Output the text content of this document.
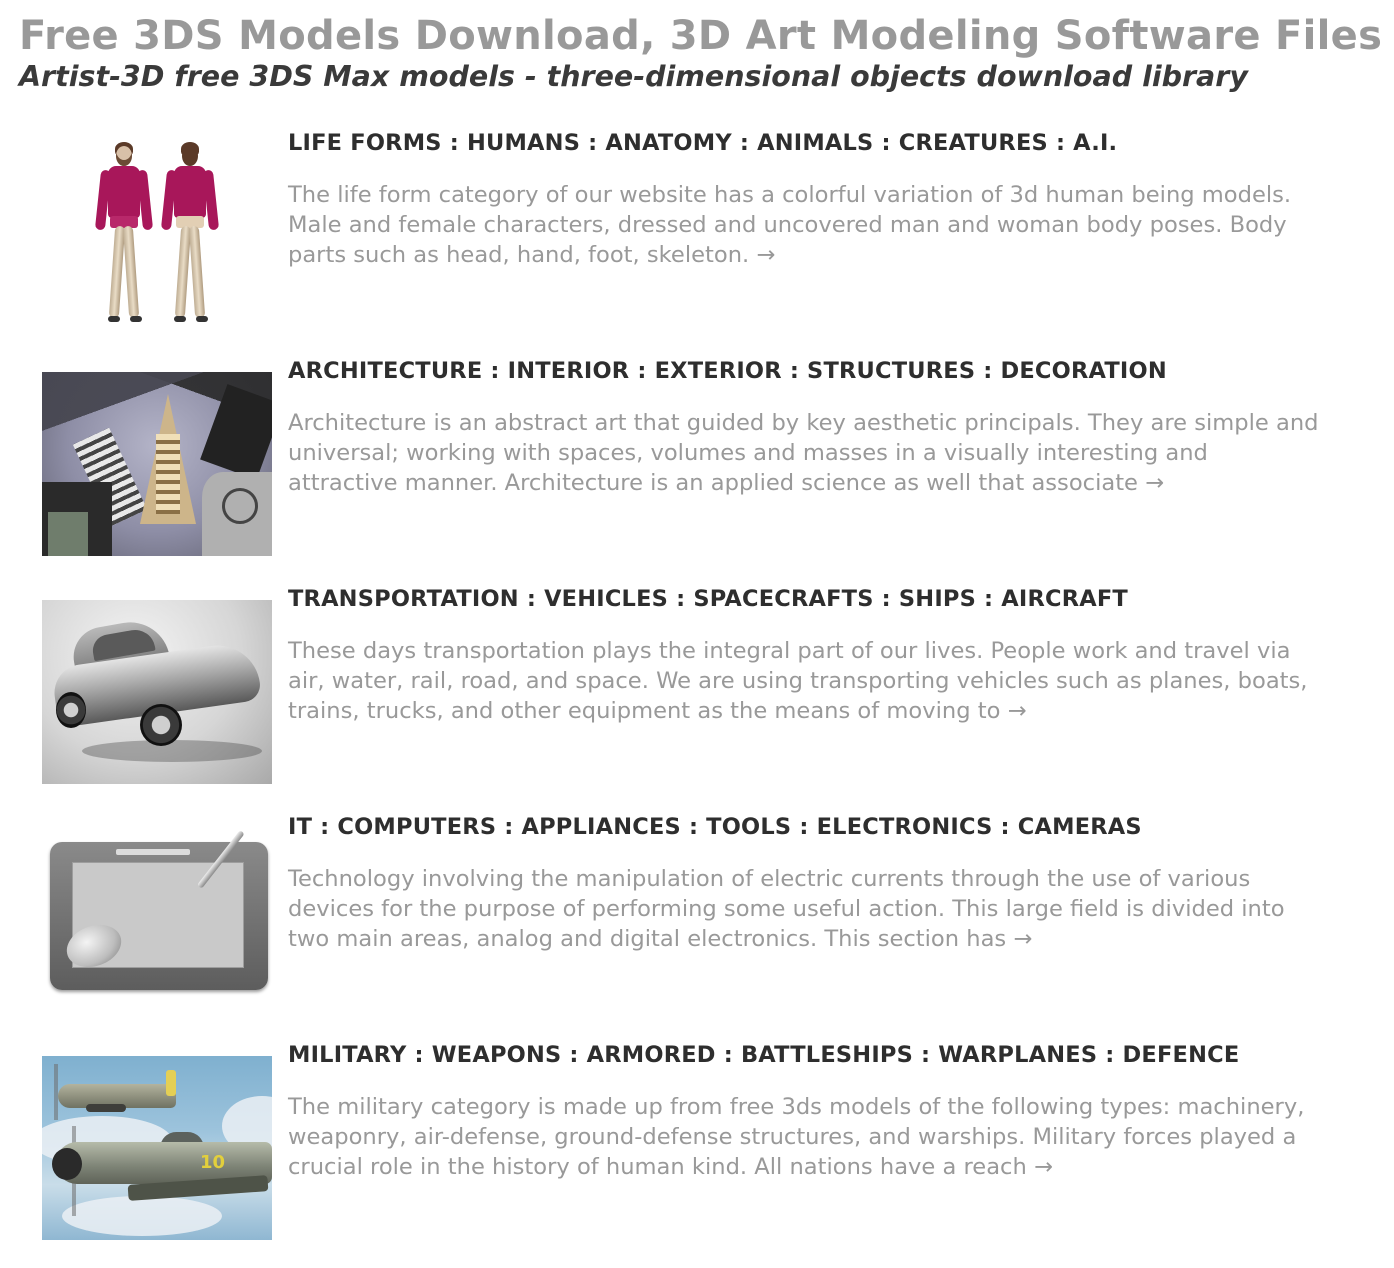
Free 3DS Models Download, 3D Art Modeling Software Files
Artist-3D free 3DS Max models - three-dimensional objects download library
LIFE FORMS : HUMANS : ANATOMY : ANIMALS : CREATURES : A.I.
The life form category of our website has a colorful variation of 3d human being models.
Male and female characters, dressed and uncovered man and woman body poses. Body
parts such as head, hand, foot, skeleton. →
ARCHITECTURE : INTERIOR : EXTERIOR : STRUCTURES : DECORATION
Architecture is an abstract art that guided by key aesthetic principals. They are simple and
universal; working with spaces, volumes and masses in a visually interesting and
attractive manner. Architecture is an applied science as well that associate →
TRANSPORTATION : VEHICLES : SPACECRAFTS : SHIPS : AIRCRAFT
These days transportation plays the integral part of our lives. People work and travel via
air, water, rail, road, and space. We are using transporting vehicles such as planes, boats,
trains, trucks, and other equipment as the means of moving to →
IT : COMPUTERS : APPLIANCES : TOOLS : ELECTRONICS : CAMERAS
Technology involving the manipulation of electric currents through the use of various
devices for the purpose of performing some useful action. This large field is divided into
two main areas, analog and digital electronics. This section has →
10
MILITARY : WEAPONS : ARMORED : BATTLESHIPS : WARPLANES : DEFENCE
The military category is made up from free 3ds models of the following types: machinery,
weaponry, air-defense, ground-defense structures, and warships. Military forces played a
crucial role in the history of human kind. All nations have a reach →
